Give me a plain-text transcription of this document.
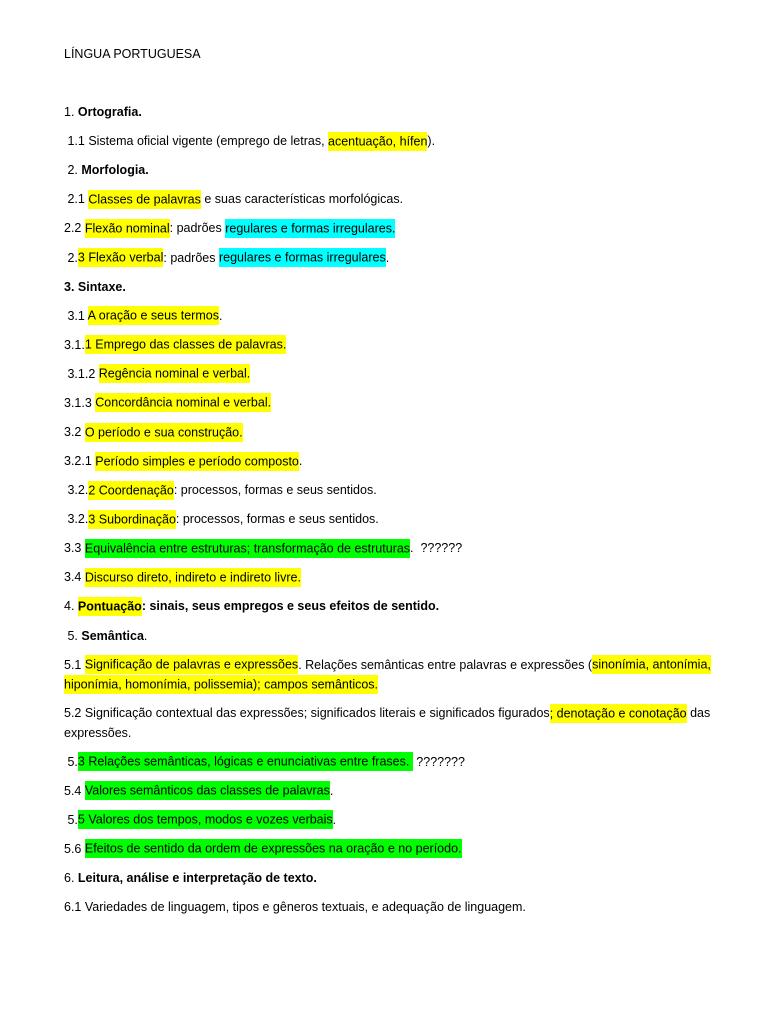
LÍNGUA PORTUGUESA
1. Ortografia.
1.1 Sistema oficial vigente (emprego de letras, acentuação, hífen).
2. Morfologia.
2.1 Classes de palavras e suas características morfológicas.
2.2 Flexão nominal: padrões regulares e formas irregulares.
2.3 Flexão verbal: padrões regulares e formas irregulares.
3. Sintaxe.
3.1 A oração e seus termos.
3.1.1 Emprego das classes de palavras.
3.1.2 Regência nominal e verbal.
3.1.3 Concordância nominal e verbal.
3.2 O período e sua construção.
3.2.1 Período simples e período composto.
3.2.2 Coordenação: processos, formas e seus sentidos.
3.2.3 Subordinação: processos, formas e seus sentidos.
3.3 Equivalência entre estruturas; transformação de estruturas.  ??????
3.4 Discurso direto, indireto e indireto livre.
4. Pontuação: sinais, seus empregos e seus efeitos de sentido.
5. Semântica.
5.1 Significação de palavras e expressões. Relações semânticas entre palavras e expressões (sinonímia, antonímia,
hiponímia, homonímia, polissemia); campos semânticos.
5.2 Significação contextual das expressões; significados literais e significados figurados; denotação e conotação das
expressões.
5.3 Relações semânticas, lógicas e enunciativas entre frases.  ???????
5.4 Valores semânticos das classes de palavras.
5.5 Valores dos tempos, modos e vozes verbais.
5.6 Efeitos de sentido da ordem de expressões na oração e no período.
6. Leitura, análise e interpretação de texto.
6.1 Variedades de linguagem, tipos e gêneros textuais, e adequação de linguagem.
